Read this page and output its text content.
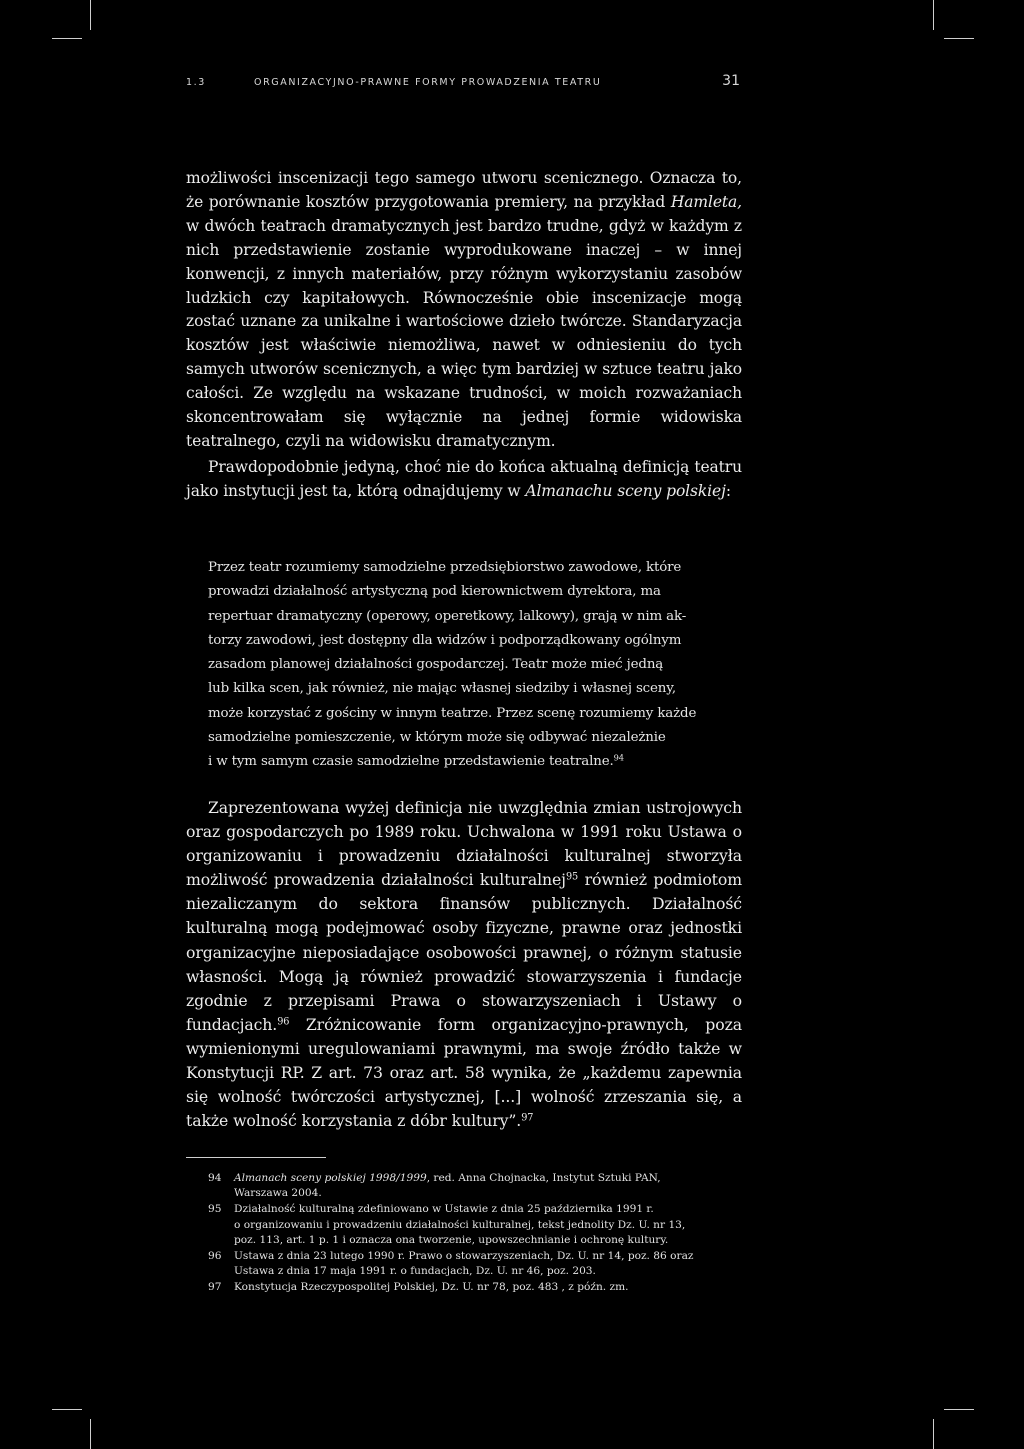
1.3	ORGANIZACYJNO-PRAWNE FORMY PROWADZENIA TEATRU	31

możliwości inscenizacji tego samego utworu scenicznego. Oznacza to, że porównanie kosztów przygotowania premiery, na przykład Hamleta, w dwóch teatrach dramatycznych jest bardzo trudne, gdyż w każdym z nich przedstawienie zostanie wyprodukowane inaczej – w innej konwencji, z innych materiałów, przy różnym wykorzystaniu zasobów ludzkich czy kapitałowych. Równocześnie obie inscenizacje mogą zostać uznane za unikalne i wartościowe dzieło twórcze. Standaryzacja kosztów jest właściwie niemożliwa, nawet w odniesieniu do tych samych utworów scenicznych, a więc tym bardziej w sztuce teatru jako całości. Ze względu na wskazane trudności, w moich rozważaniach skoncentrowałam się wyłącznie na jednej formie widowiska teatralnego, czyli na widowisku dramatycznym.

Prawdopodobnie jedyną, choć nie do końca aktualną definicją teatru jako instytucji jest ta, którą odnajdujemy w Almanachu sceny polskiej:

Przez teatr rozumiemy samodzielne przedsiębiorstwo zawodowe, które
prowadzi działalność artystyczną pod kierownictwem dyrektora, ma
repertuar dramatyczny (operowy, operetkowy, lalkowy), grają w nim ak-
torzy zawodowi, jest dostępny dla widzów i podporządkowany ogólnym
zasadom planowej działalności gospodarczej. Teatr może mieć jedną
lub kilka scen, jak również, nie mając własnej siedziby i własnej sceny,
może korzystać z gościny w innym teatrze. Przez scenę rozumiemy każde
samodzielne pomieszczenie, w którym może się odbywać niezależnie
i w tym samym czasie samodzielne przedstawienie teatralne.$^{94}$

Zaprezentowana wyżej definicja nie uwzględnia zmian ustrojowych oraz gospodarczych po 1989 roku. Uchwalona w 1991 roku Ustawa o organizowaniu i prowadzeniu działalności kulturalnej stworzyła możliwość prowadzenia działalności kulturalnej$^{95}$ również podmiotom niezaliczanym do sektora finansów publicznych. Działalność kulturalną mogą podejmować osoby fizyczne, prawne oraz jednostki organizacyjne nieposiadające osobowości prawnej, o różnym statusie własności. Mogą ją również prowadzić stowarzyszenia i fundacje zgodnie z przepisami Prawa o stowarzyszeniach i Ustawy o fundacjach.$^{96}$ Zróżnicowanie form organizacyjno-prawnych, poza wymienionymi uregulowaniami prawnymi, ma swoje źródło także w Konstytucji RP. Z art. 73 oraz art. 58 wynika, że „każdemu zapewnia się wolność twórczości artystycznej, [...] wolność zrzeszania się, a także wolność korzystania z dóbr kultury”.$^{97}$

94 Almanach sceny polskiej 1998/1999, red. Anna Chojnacka, Instytut Sztuki PAN,
Warszawa 2004.
95 Działalność kulturalną zdefiniowano w Ustawie z dnia 25 października 1991 r.
o organizowaniu i prowadzeniu działalności kulturalnej, tekst jednolity Dz. U. nr 13,
poz. 113, art. 1 p. 1 i oznacza ona tworzenie, upowszechnianie i ochronę kultury.
96 Ustawa z dnia 23 lutego 1990 r. Prawo o stowarzyszeniach, Dz. U. nr 14, poz. 86 oraz
Ustawa z dnia 17 maja 1991 r. o fundacjach, Dz. U. nr 46, poz. 203.
97 Konstytucja Rzeczypospolitej Polskiej, Dz. U. nr 78, poz. 483 , z późn. zm.
